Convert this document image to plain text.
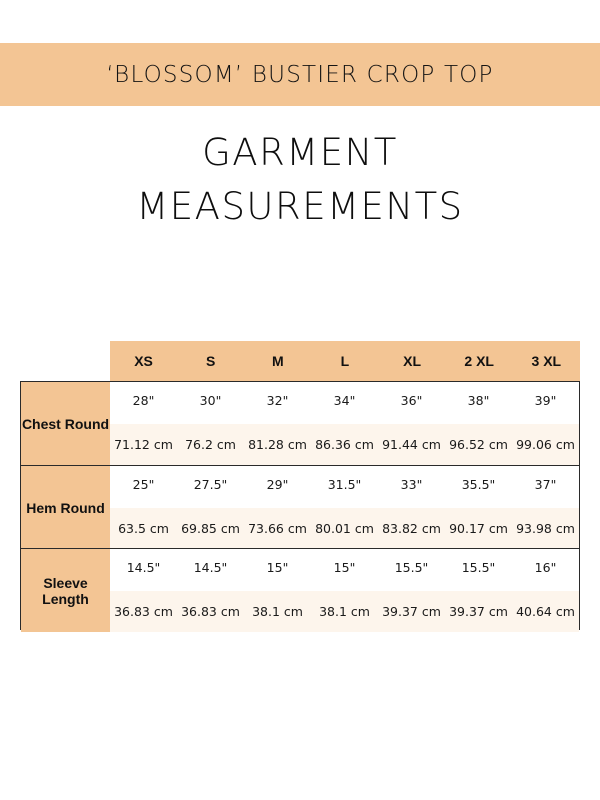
‘BLOSSOM’ BUSTIER CROP TOP
GARMENT
MEASUREMENTS
XS	S	M	L	XL	2 XL	3 XL
Chest Round
28"	30"	32"	34"	36"	38"	39"
71.12 cm 76.2 cm 81.28 cm 86.36 cm 91.44 cm 96.52 cm 99.06 cm
Hem Round
25"	27.5"	29"	31.5"	33"	35.5"	37"
63.5 cm 69.85 cm 73.66 cm 80.01 cm 83.82 cm 90.17 cm 93.98 cm
Sleeve Length
14.5"	14.5"	15"	15"	15.5"	15.5"	16"
36.83 cm 36.83 cm 38.1 cm	38.1 cm 39.37 cm 39.37 cm 40.64 cm
